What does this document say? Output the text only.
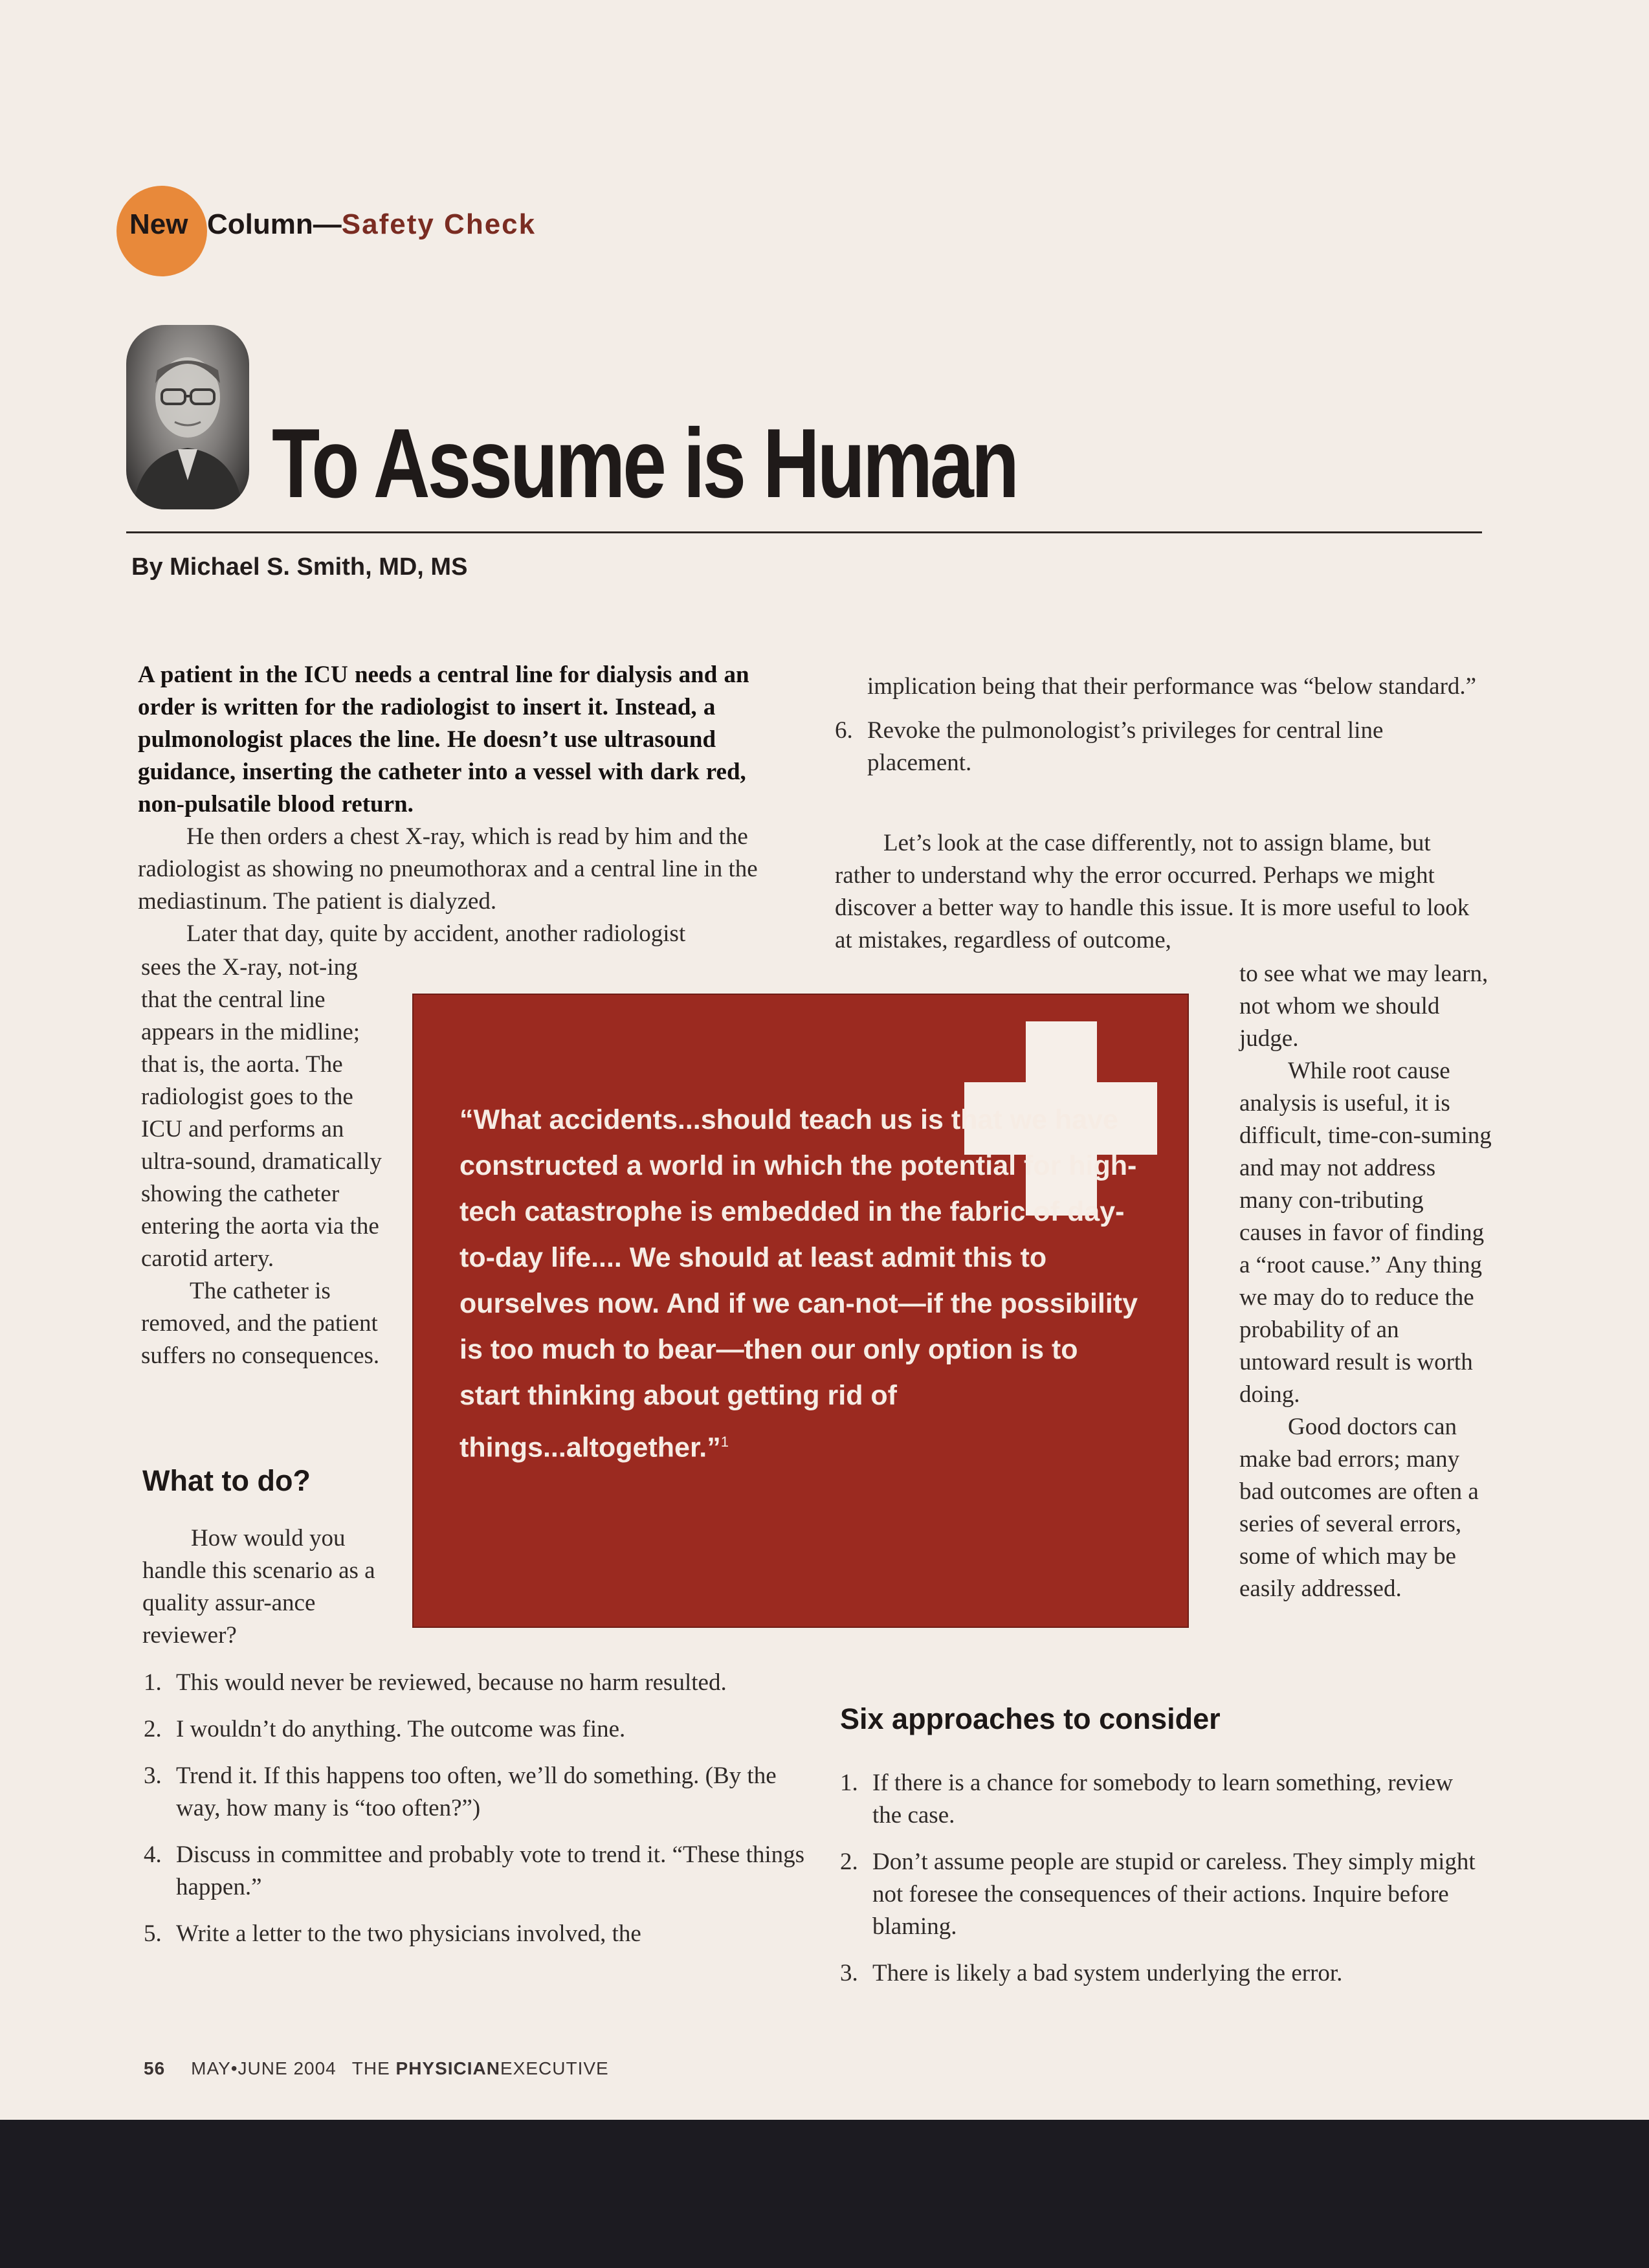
New Column—Safety Check
To Assume is Human
By Michael S. Smith, MD, MS

A patient in the ICU needs a central line for dialysis and an order is written for the radiologist to insert it. Instead, a pulmonologist places the line. He doesn’t use ultrasound guidance, inserting the catheter into a vessel with dark red, non-pulsatile blood return.

He then orders a chest X-ray, which is read by him and the radiologist as showing no pneumothorax and a central line in the mediastinum. The patient is dialyzed.

Later that day, quite by accident, another radiologist

sees the X-ray, not-ing that the central line appears in the midline; that is, the aorta. The radiologist goes to the ICU and performs an ultra-sound, dramatically showing the catheter entering the aorta via the carotid artery.

The catheter is removed, and the patient suffers no consequences.

What to do?

How would you handle this scenario as a quality assur-ance reviewer?

1. This would never be reviewed, because no harm resulted.
2. I wouldn’t do anything. The outcome was fine.
3. Trend it. If this happens too often, we’ll do something. (By the way, how many is “too often?”)
4. Discuss in committee and probably vote to trend it. “These things happen.”
5. Write a letter to the two physicians involved, the
implication being that their performance was “below standard.”
6. Revoke the pulmonologist’s privileges for central line placement.

Let’s look at the case differently, not to assign blame, but rather to understand why the error occurred. Perhaps we might discover a better way to handle this issue. It is more useful to look at mistakes, regardless of outcome,

to see what we may learn, not whom we should judge.

While root cause analysis is useful, it is difficult, time-con-suming and may not address many con-tributing causes in favor of finding a “root cause.” Any thing we may do to reduce the probability of an untoward result is worth doing.

Good doctors can make bad errors; many bad outcomes are often a series of several errors, some of which may be easily addressed.

“What accidents...should teach us is that we have constructed a world in which the potential for high-tech catastrophe is embedded in the fabric of day-to-day life.... We should at least admit this to ourselves now. And if we can-not—if the possibility is too much to bear—then our only option is to start thinking about getting rid of things...altogether.”$^1$
Six approaches to consider
1. If there is a chance for somebody to learn something, review the case.
2. Don’t assume people are stupid or careless. They simply might not foresee the consequences of their actions. Inquire before blaming.
3. There is likely a bad system underlying the error.
56 MAY•JUNE 2004 THE PHYSICIANEXECUTIVE
